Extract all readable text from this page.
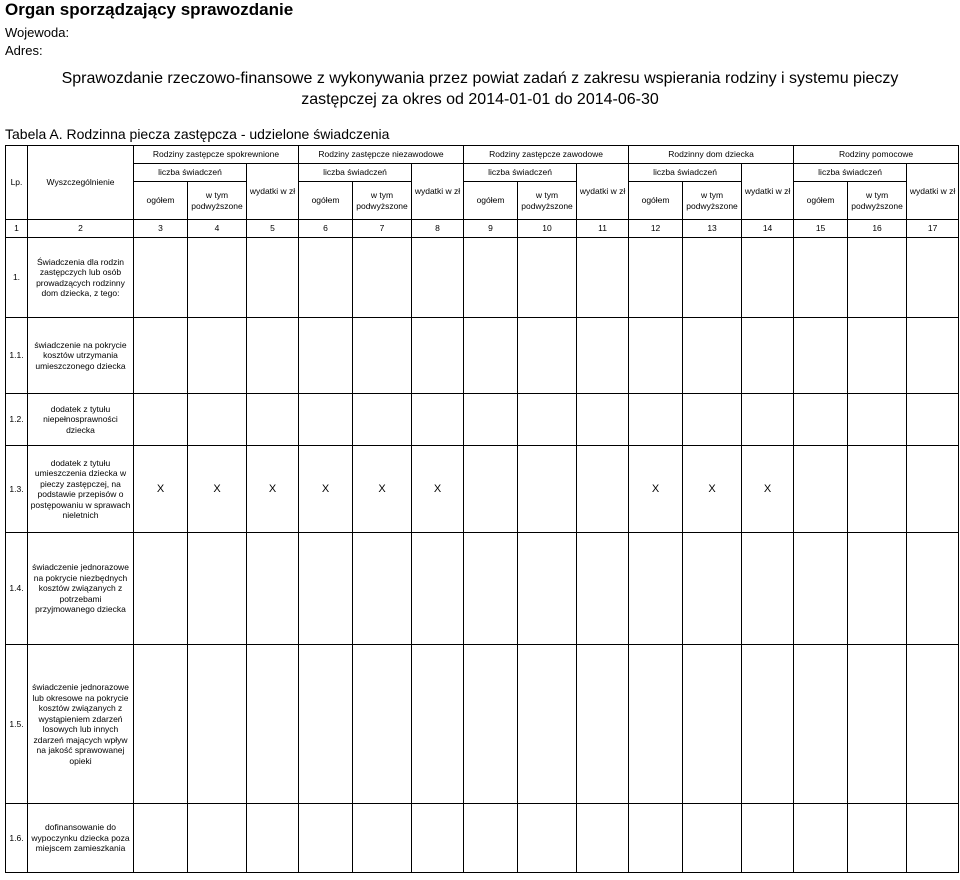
Organ sporządzający sprawozdanie
Wojewoda:
Adres:
Sprawozdanie rzeczowo-finansowe z wykonywania przez powiat zadań z zakresu wspierania rodziny i systemu pieczy
zastępczej za okres od 2014-01-01 do 2014-06-30
Tabela A. Rodzinna piecza zastępcza - udzielone świadczenia
Lp.	Wyszczególnienie	Rodziny zastępcze spokrewnione			Rodziny zastępcze niezawodowe			Rodziny zastępcze zawodowe			Rodzinny dom dziecka			Rodziny pomocowe		
		liczba świadczeń		wydatki w zł	liczba świadczeń		wydatki w zł	liczba świadczeń		wydatki w zł	liczba świadczeń		wydatki w zł	liczba świadczeń		wydatki w zł
		ogółem	w tym podwyższone		ogółem	w tym podwyższone		ogółem	w tym podwyższone		ogółem	w tym podwyższone		ogółem	w tym podwyższone	
1	2	3	4	5	6	7	8	9	10	11	12	13	14	15	16	17
1.	Świadczenia dla rodzin zastępczych lub osób prowadzących rodzinny dom dziecka, z tego:															
1.1.	świadczenie na pokrycie kosztów utrzymania umieszczonego dziecka															
1.2.	dodatek z tytułu niepełnosprawności dziecka															
1.3.	dodatek z tytułu umieszczenia dziecka w pieczy zastępczej, na podstawie przepisów o postępowaniu w sprawach nieletnich	X	X	X	X	X	X				X	X	X			
1.4.	świadczenie jednorazowe na pokrycie niezbędnych kosztów związanych z potrzebami przyjmowanego dziecka															
1.5.	świadczenie jednorazowe lub okresowe na pokrycie kosztów związanych z wystąpieniem zdarzeń losowych lub innych zdarzeń mających wpływ na jakość sprawowanej opieki															
1.6.	dofinansowanie do wypoczynku dziecka poza miejscem zamieszkania															
